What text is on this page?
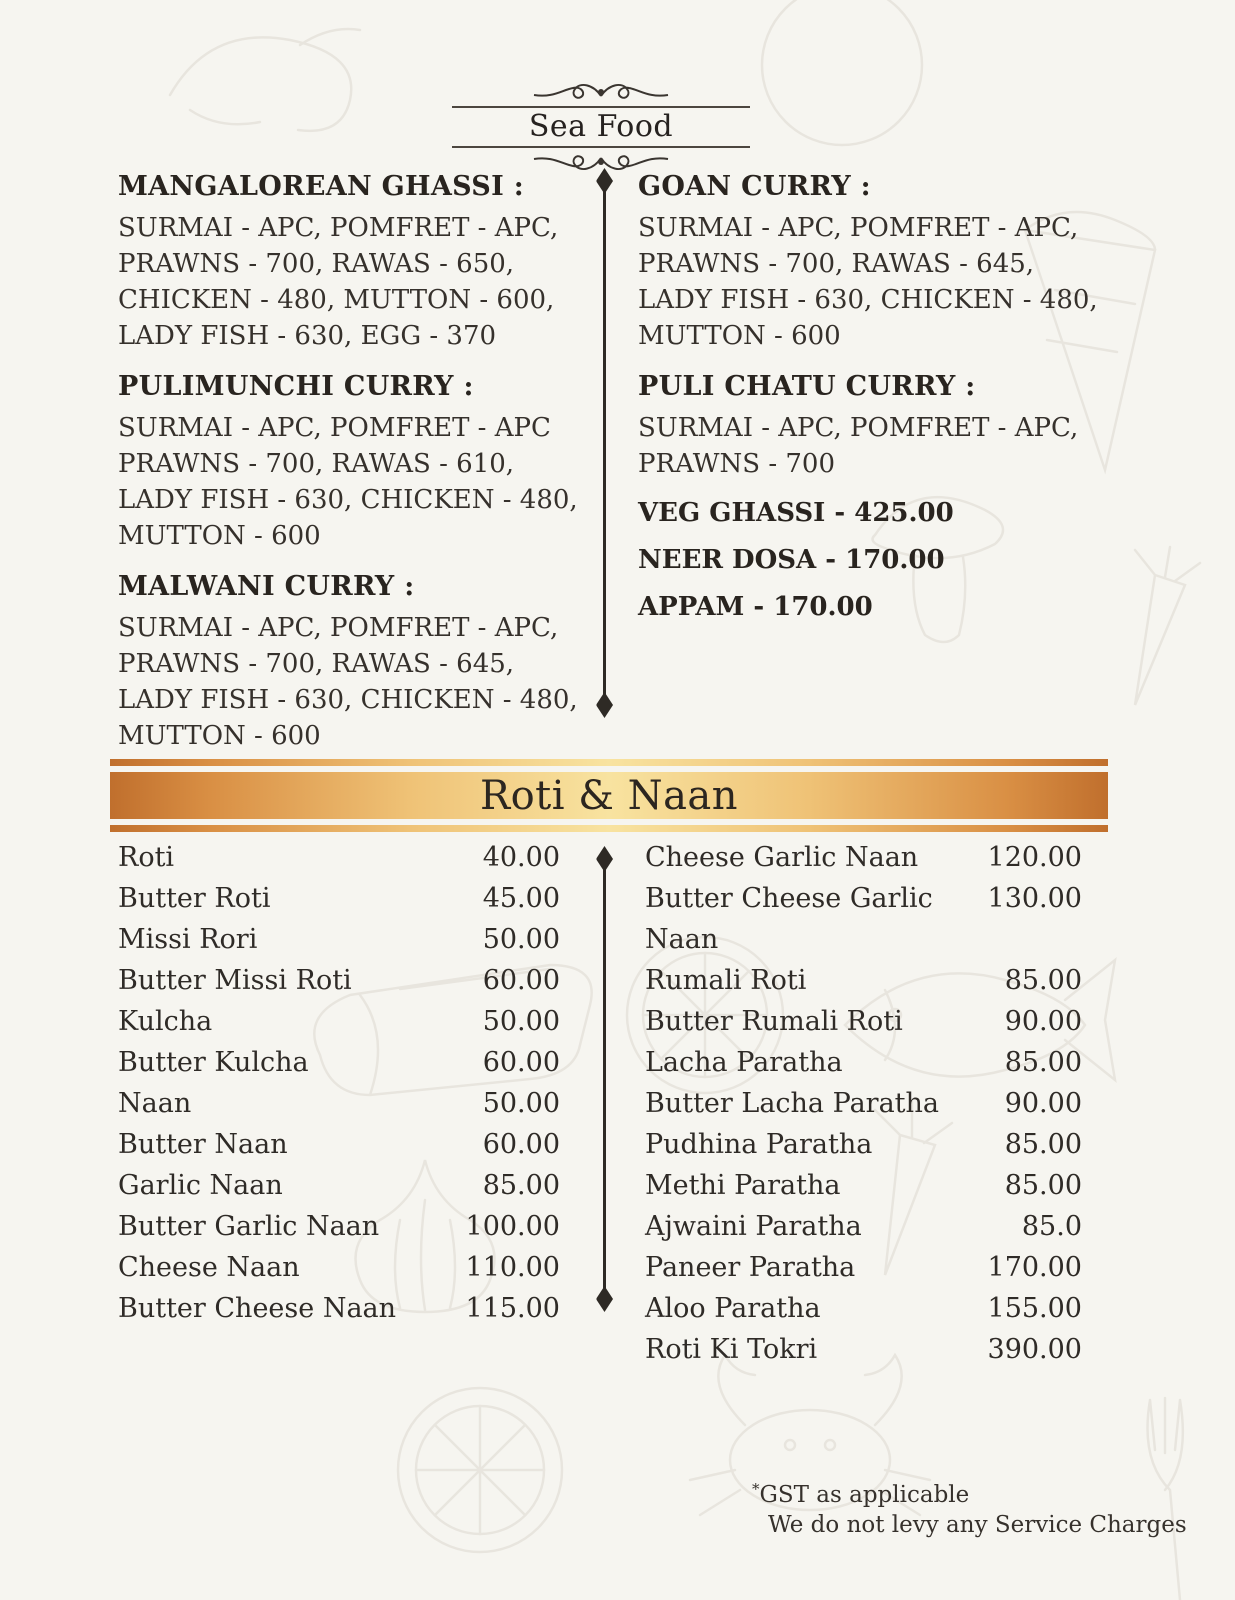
Sea Food
MANGALOREAN GHASSI :

SURMAI - APC, POMFRET - APC,

PRAWNS - 700, RAWAS - 650,

CHICKEN - 480, MUTTON - 600,

LADY FISH - 630, EGG - 370

PULIMUNCHI CURRY :

SURMAI - APC, POMFRET - APC

PRAWNS - 700, RAWAS - 610,

LADY FISH - 630, CHICKEN - 480,

MUTTON - 600

MALWANI CURRY :

SURMAI - APC, POMFRET - APC,

PRAWNS - 700, RAWAS - 645,

LADY FISH - 630, CHICKEN - 480,

MUTTON - 600

GOAN CURRY :

SURMAI - APC, POMFRET - APC,

PRAWNS - 700, RAWAS - 645,

LADY FISH - 630, CHICKEN - 480,

MUTTON - 600

PULI CHATU CURRY :

SURMAI - APC, POMFRET - APC,

PRAWNS - 700

VEG GHASSI - 425.00
NEER DOSA - 170.00
APPAM - 170.00
Roti & Naan
Roti	40.00
Butter Roti	45.00
Missi Rori	50.00
Butter Missi Roti	60.00
Kulcha	50.00
Butter Kulcha	60.00
Naan	50.00
Butter Naan	60.00
Garlic Naan	85.00
Butter Garlic Naan	100.00
Cheese Naan	110.00
Butter Cheese Naan	115.00
Cheese Garlic Naan	120.00
Butter Cheese Garlic Naan
130.00
Rumali Roti	85.00
Butter Rumali Roti	90.00
Lacha Paratha	85.00
Butter Lacha Paratha 90.00
Pudhina Paratha	85.00
Methi Paratha	85.00
Ajwaini Paratha	85.0
Paneer Paratha	170.00
Aloo Paratha	155.00
Roti Ki Tokri	390.00
*GST as applicable
We do not levy any Service Charges
